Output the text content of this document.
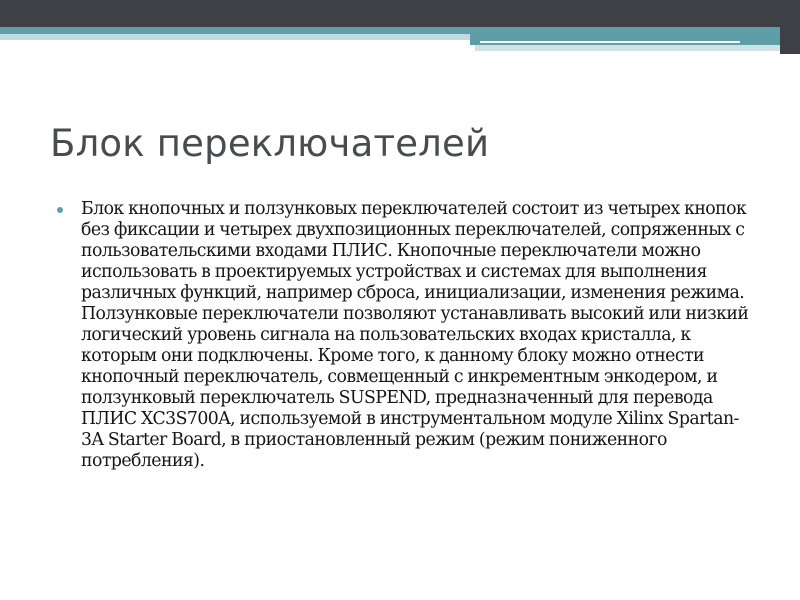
Блок переключателей
Блок кнопочных и ползунковых переключателей состоит из четырех кнопок без фиксации и четырех двухпозиционных переключателей, сопряженных с пользовательскими входами ПЛИС. Кнопочные переключатели можно использовать в проектируемых устройствах и системах для выполнения различных функций, например сброса, инициализации, изменения режима. Ползунковые переключатели позволяют устанавливать высокий или низкий логический уровень сигнала на пользовательских входах кристалла, к которым они подключены. Кроме того, к данному блоку можно отнести кнопочный переключатель, совмещенный с инкрементным энкодером, и ползунковый переключатель SUSPEND, предназначенный для перевода ПЛИС XC3S700A, используемой в инструментальном модуле Xilinx Spartan-3A Starter Board, в приостановленный режим (режим пониженного потребления).
